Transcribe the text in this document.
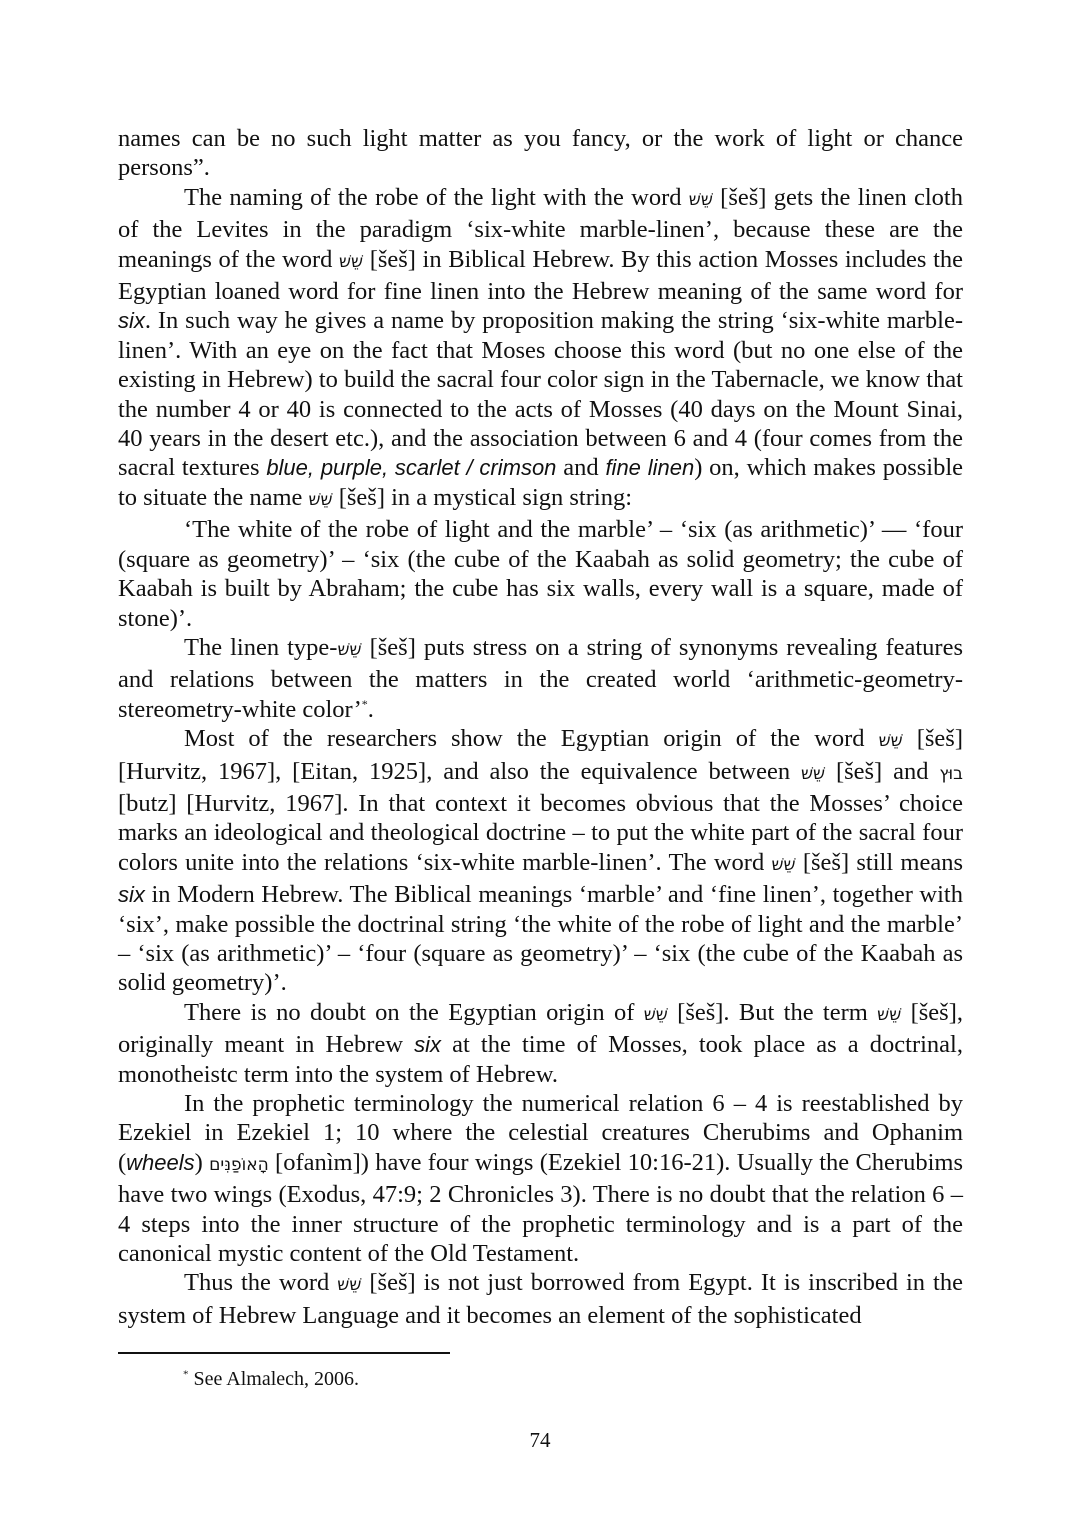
names can be no such light matter as you fancy, or the work of light or chance persons”.

The naming of the robe of the light with the word שֵׁשׁ [šeš] gets the linen cloth of the Levites in the paradigm ‘six-white marble-linen’, because these are the meanings of the word שֵׁשׁ [šeš] in Biblical Hebrew. By this action Mosses includes the Egyptian loaned word for fine linen into the Hebrew meaning of the same word for six. In such way he gives a name by proposition making the string ‘six-white marble-linen’. With an eye on the fact that Moses choose this word (but no one else of the existing in Hebrew) to build the sacral four color sign in the Tabernacle, we know that the number 4 or 40 is connected to the acts of Mosses (40 days on the Mount Sinai, 40 years in the desert etc.), and the association between 6 and 4 (four comes from the sacral textures blue, purple, scarlet / crimson and fine linen) on, which makes possible to situate the name שֵׁשׁ [šeš] in a mystical sign string:

‘The white of the robe of light and the marble’ – ‘six (as arithmetic)’ — ‘four (square as geometry)’ – ‘six (the cube of the Kaabah as solid geometry; the cube of Kaabah is built by Abraham; the cube has six walls, every wall is a square, made of stone)’.

The linen type-שֵׁשׁ [šeš] puts stress on a string of synonyms revealing features and relations between the matters in the created world ‘arithmetic-geometry- stereometry-white color’*.

Most of the researchers show the Egyptian origin of the word שֵׁשׁ [šeš] [Hurvitz, 1967], [Eitan, 1925], and also the equivalence between שֵׁשׁ [šeš] and בוּץ [butz] [Hurvitz, 1967]. In that context it becomes obvious that the Mosses’ choice marks an ideological and theological doctrine – to put the white part of the sacral four colors unite into the relations ‘six-white marble-linen’. The word שֵׁשׁ [šeš] still means six in Modern Hebrew. The Biblical meanings ‘marble’ and ‘fine linen’, together with ‘six’, make possible the doctrinal string ‘the white of the robe of light and the marble’ – ‘six (as arithmetic)’ – ‘four (square as geometry)’ – ‘six (the cube of the Kaabah as solid geometry)’.

There is no doubt on the Egyptian origin of שֵׁשׁ [šeš]. But the term שֵׁשׁ [šeš], originally meant in Hebrew six at the time of Mosses, took place as a doctrinal, monotheistc term into the system of Hebrew.

In the prophetic terminology the numerical relation 6 – 4 is reestablished by Ezekiel in Ezekiel 1; 10 where the celestial creatures Cherubims and Ophanim (wheels) הָאוֹפַנִּים [ofanìm]) have four wings (Ezekiel 10:16-21). Usually the Cherubims have two wings (Exodus, 47:9; 2 Chronicles 3). There is no doubt that the relation 6 – 4 steps into the inner structure of the prophetic terminology and is a part of the canonical mystic content of the Old Testament.

Thus the word שֵׁשׁ [šeš] is not just borrowed from Egypt. It is inscribed in the system of Hebrew Language and it becomes an element of the sophisticated

* See Almalech, 2006.
74
